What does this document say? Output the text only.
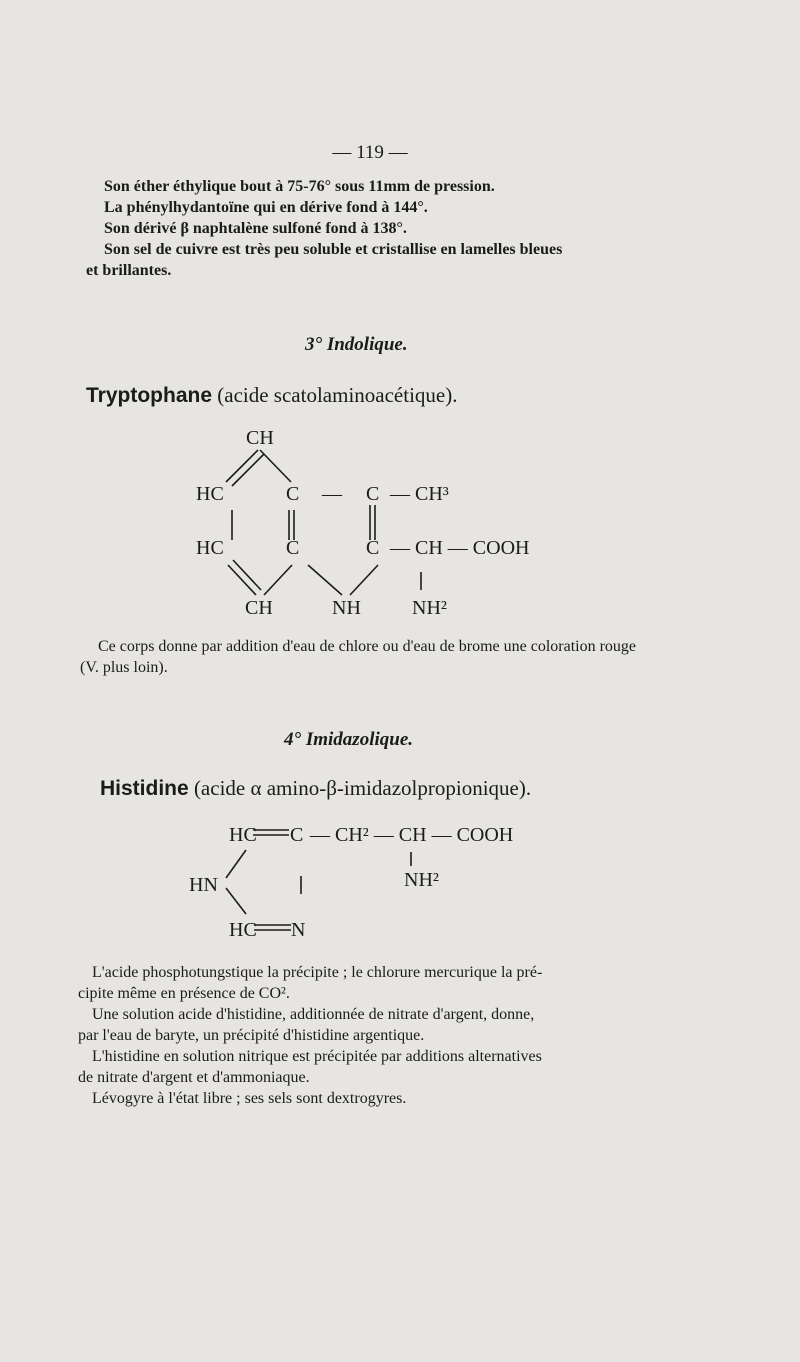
— 119 —
Son éther éthylique bout à 75-76° sous 11mm de pression.
La phénylhydantoïne qui en dérive fond à 144°.
Son dérivé β naphtalène sulfoné fond à 138°.
Son sel de cuivre est très peu soluble et cristallise en lamelles bleues
et brillantes.
3° Indolique.
Tryptophane (acide scatolaminoacétique).
CH
HC	C — C — CH³
HC	C	C — CH — COOH
CH	NH	NH²

Ce corps donne par addition d'eau de chlore ou d'eau de brome une coloration rouge (V. plus loin).

4° Imidazolique.
Histidine (acide α amino-β-imidazolpropionique).
HC C — CH² — CH — COOH
HN	NH²
HC N
L'acide phosphotungstique la précipite ; le chlorure mercurique la pré-
cipite même en présence de CO².
Une solution acide d'histidine, additionnée de nitrate d'argent, donne,
par l'eau de baryte, un précipité d'histidine argentique.
L'histidine en solution nitrique est précipitée par additions alternatives
de nitrate d'argent et d'ammoniaque.
Lévogyre à l'état libre ; ses sels sont dextrogyres.
